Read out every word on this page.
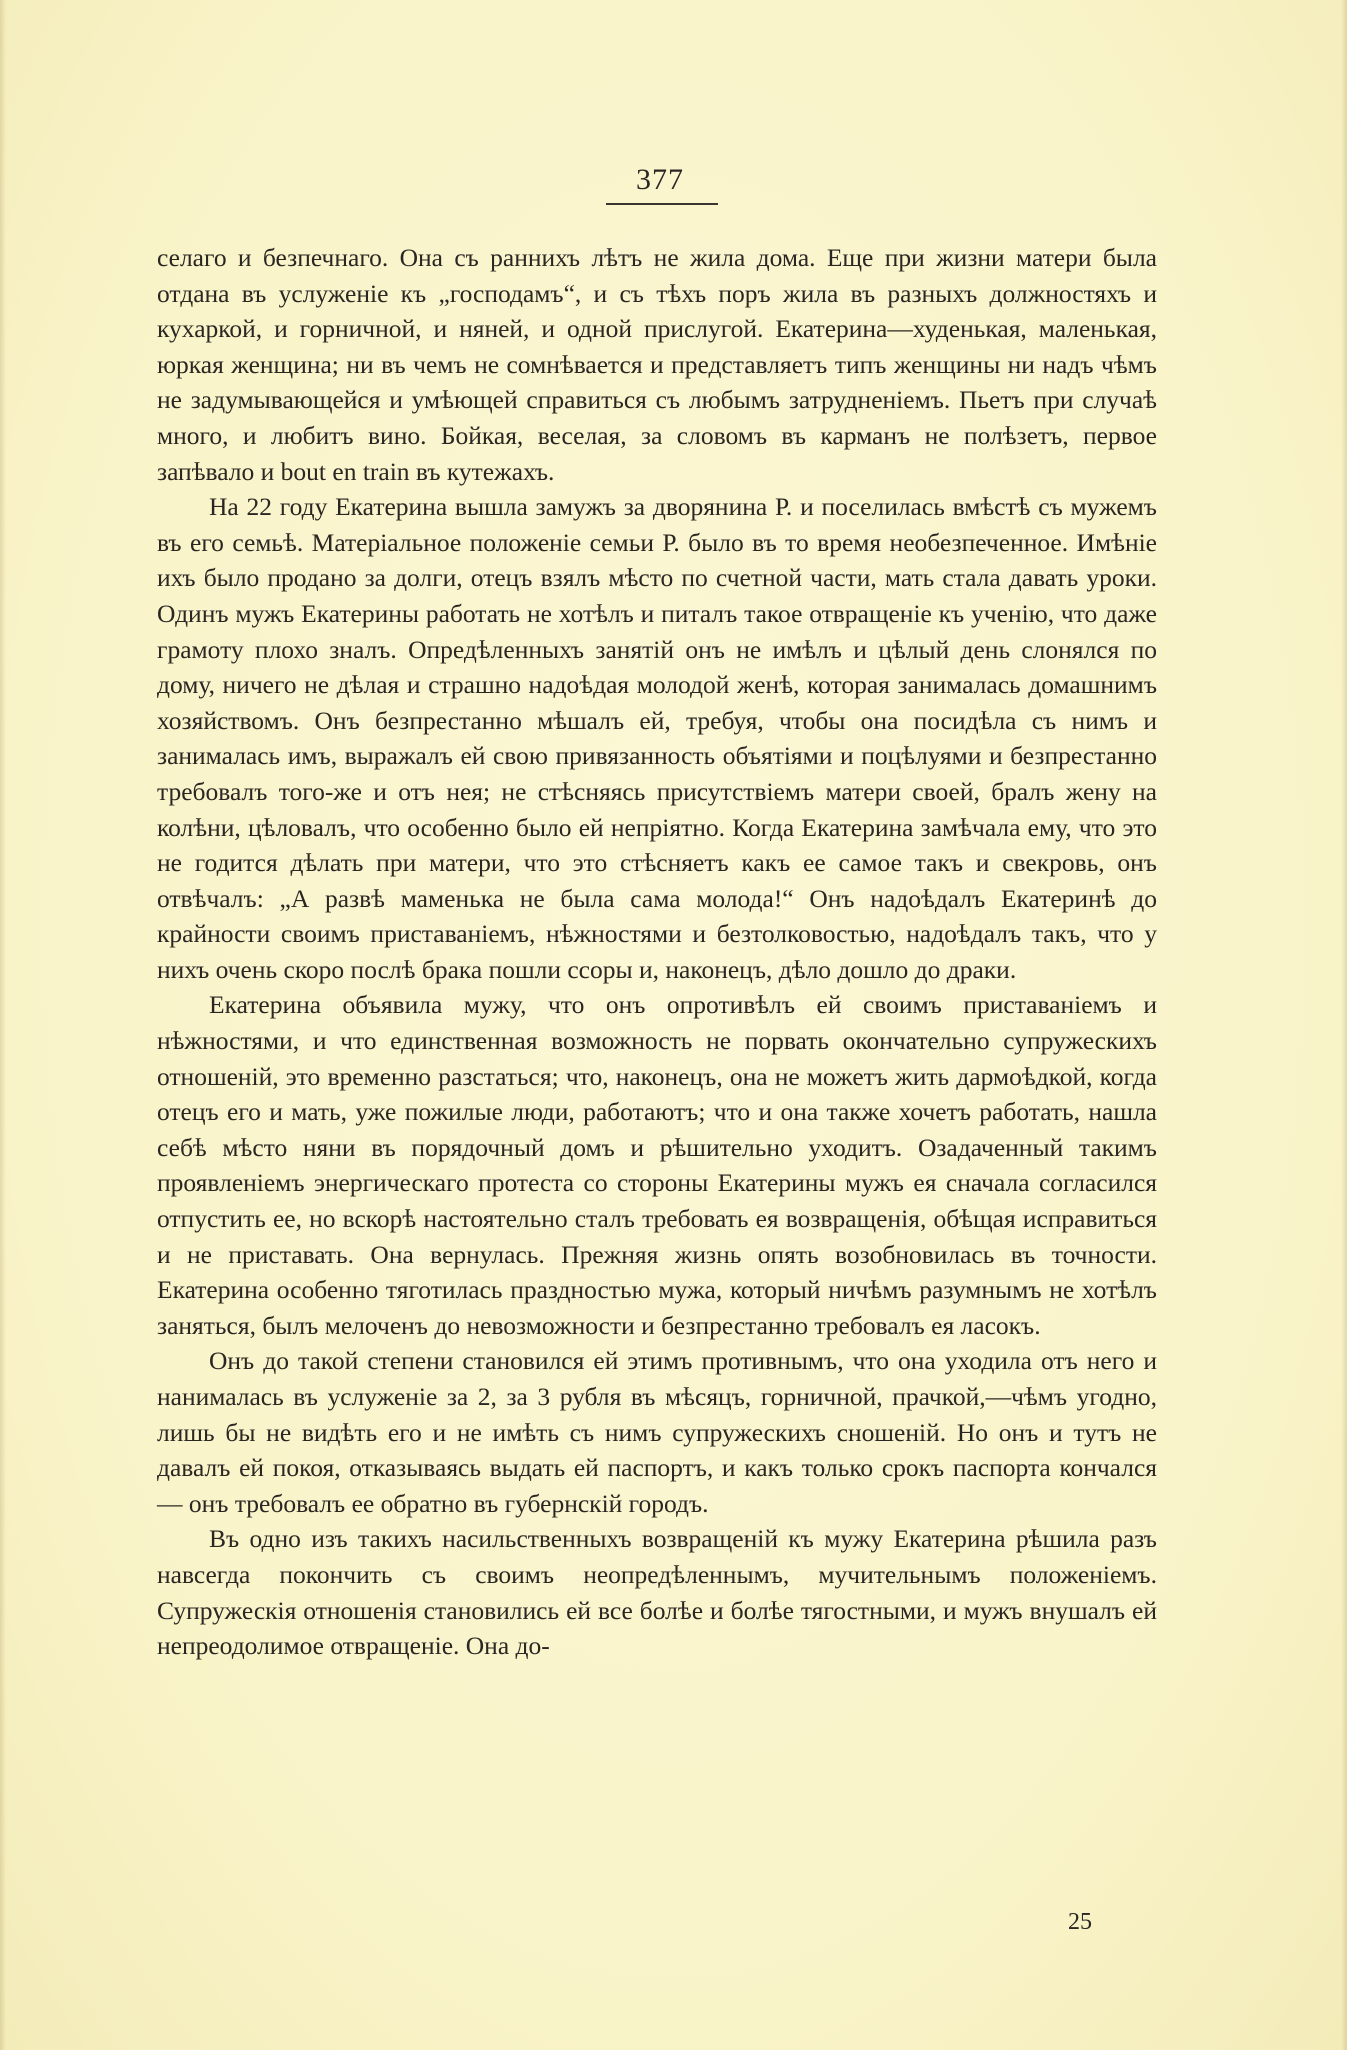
377

селаго и безпечнаго. Она съ раннихъ лѣтъ не жила дома. Еще при жизни матери была отдана въ услуженіе къ „господамъ“, и съ тѣхъ поръ жила въ разныхъ должностяхъ и кухаркой, и горничной, и няней, и одной прислугой. Екатерина—худенькая, маленькая, юркая женщина; ни въ чемъ не сомнѣвается и представляетъ типъ женщины ни надъ чѣмъ не задумывающейся и умѣющей справиться съ любымъ затрудненіемъ. Пьетъ при случаѣ много, и любитъ вино. Бойкая, веселая, за словомъ въ карманъ не полѣзетъ, первое запѣвало и bout en train въ кутежахъ.

На 22 году Екатерина вышла замужъ за дворянина Р. и поселилась вмѣстѣ съ мужемъ въ его семьѣ. Матеріальное положеніе семьи Р. было въ то время необезпеченное. Имѣніе ихъ было продано за долги, отецъ взялъ мѣсто по счетной части, мать стала давать уроки. Одинъ мужъ Екатерины работать не хотѣлъ и питалъ такое отвращеніе къ ученію, что даже грамоту плохо зналъ. Опредѣленныхъ занятій онъ не имѣлъ и цѣлый день слонялся по дому, ничего не дѣлая и страшно надоѣдая молодой женѣ, которая занималась домашнимъ хозяйствомъ. Онъ безпрестанно мѣшалъ ей, требуя, чтобы она посидѣла съ нимъ и занималась имъ, выражалъ ей свою привязанность объятіями и поцѣлуями и безпрестанно требовалъ того-же и отъ нея; не стѣсняясь присутствіемъ матери своей, бралъ жену на колѣни, цѣловалъ, что особенно было ей непріятно. Когда Екатерина замѣчала ему, что это не годится дѣлать при матери, что это стѣсняетъ какъ ее самое такъ и свекровь, онъ отвѣчалъ: „А развѣ маменька не была сама молода!“ Онъ надоѣдалъ Екатеринѣ до крайности своимъ приставаніемъ, нѣжностями и безтолковостью, надоѣдалъ такъ, что у нихъ очень скоро послѣ брака пошли ссоры и, наконецъ, дѣло дошло до драки.

Екатерина объявила мужу, что онъ опротивѣлъ ей своимъ приставаніемъ и нѣжностями, и что единственная возможность не порвать окончательно супружескихъ отношеній, это временно разстаться; что, наконецъ, она не можетъ жить дармоѣдкой, когда отецъ его и мать, уже пожилые люди, работаютъ; что и она также хочетъ работать, нашла себѣ мѣсто няни въ порядочный домъ и рѣшительно уходитъ. Озадаченный такимъ проявленіемъ энергическаго протеста со стороны Екатерины мужъ ея сначала согласился отпустить ее, но вскорѣ настоятельно сталъ требовать ея возвращенія, обѣщая исправиться и не приставать. Она вернулась. Прежняя жизнь опять возобновилась въ точности. Екатерина особенно тяготилась праздностью мужа, который ничѣмъ разумнымъ не хотѣлъ заняться, былъ мелоченъ до невозможности и безпрестанно требовалъ ея ласокъ.

Онъ до такой степени становился ей этимъ противнымъ, что она уходила отъ него и нанималась въ услуженіе за 2, за 3 рубля въ мѣсяцъ, горничной, прачкой,—чѣмъ угодно, лишь бы не видѣть его и не имѣть съ нимъ супружескихъ сношеній. Но онъ и тутъ не давалъ ей покоя, отказываясь выдать ей паспортъ, и какъ только срокъ паспорта кончался — онъ требовалъ ее обратно въ губернскій городъ.

Въ одно изъ такихъ насильственныхъ возвращеній къ мужу Екатерина рѣшила разъ навсегда покончить съ своимъ неопредѣленнымъ, мучительнымъ положеніемъ. Супружескія отношенія становились ей все болѣе и болѣе тягостными, и мужъ внушалъ ей непреодолимое отвращеніе. Она до-

25
